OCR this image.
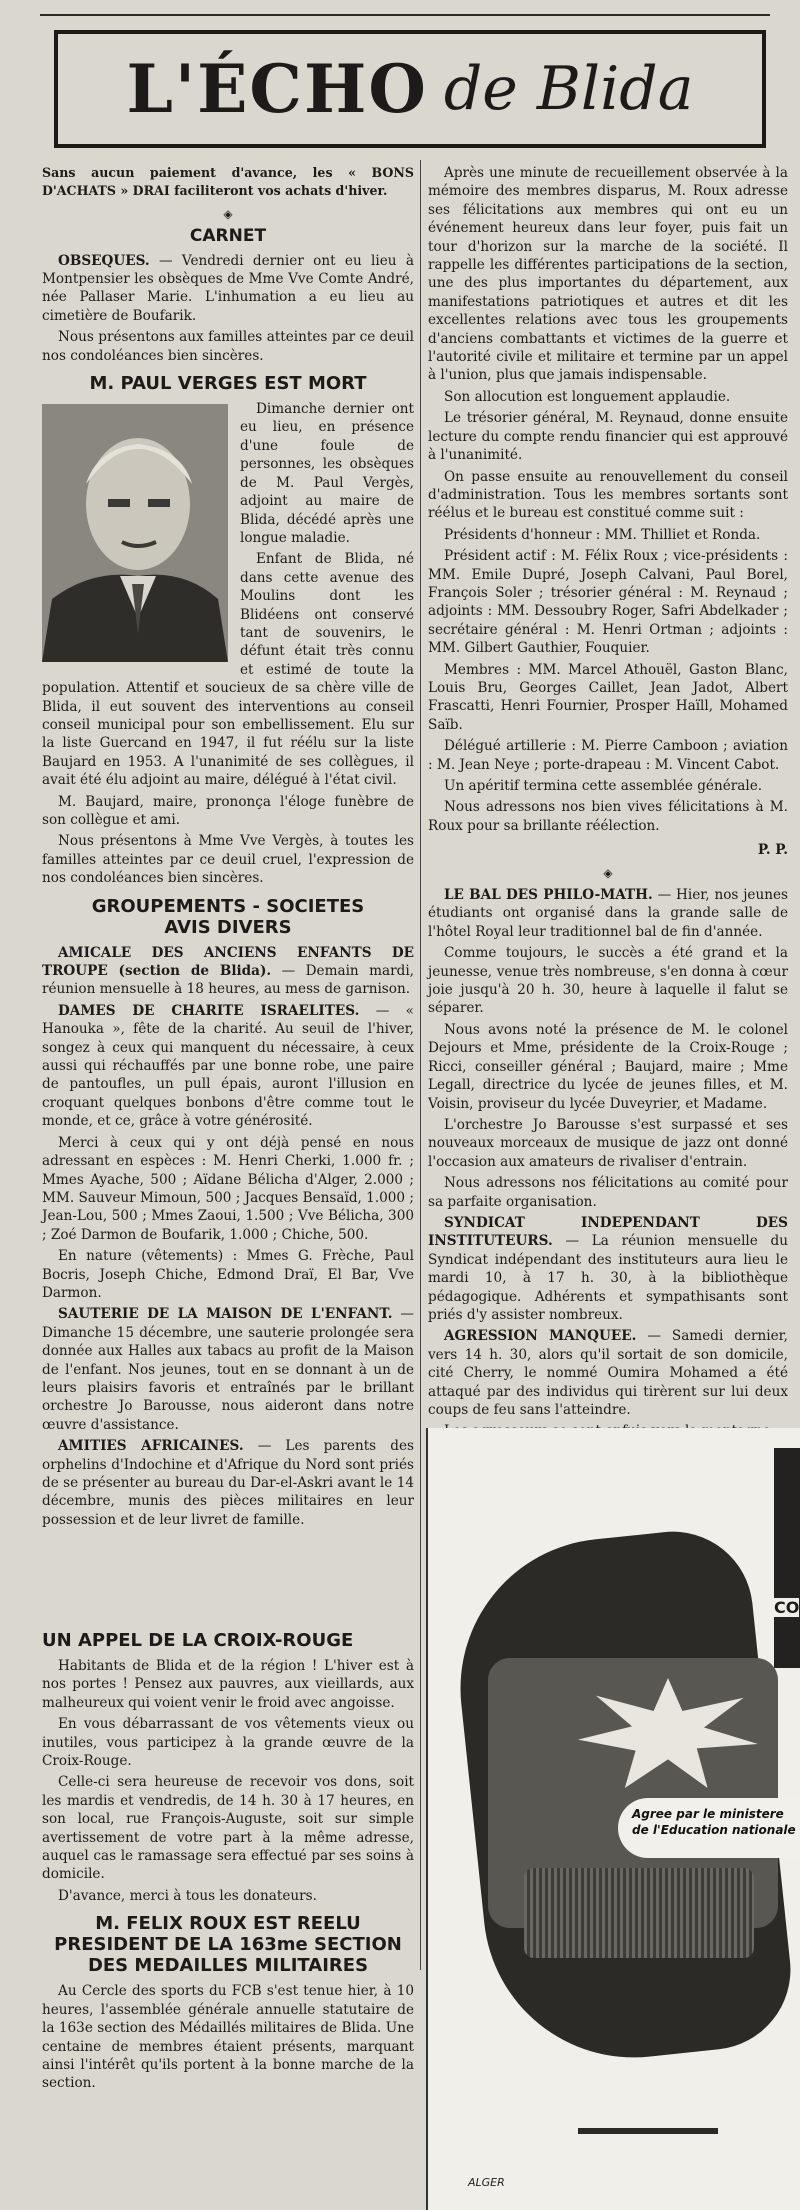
L'ÉCHO de Blida

Sans aucun paiement d'avance, les « BONS D'ACHATS » DRAI faciliteront vos achats d'hiver.

◈
CARNET

OBSEQUES. — Vendredi dernier ont eu lieu à Montpensier les obsèques de Mme Vve Comte André, née Pallaser Marie. L'inhumation a eu lieu au cimetière de Boufarik.

Nous présentons aux familles atteintes par ce deuil nos condoléances bien sincères.

M. PAUL VERGES EST MORT

Dimanche dernier ont eu lieu, en présence d'une foule de personnes, les obsèques de M. Paul Vergès, adjoint au maire de Blida, décédé après une longue maladie.

Enfant de Blida, né dans cette avenue des Moulins dont les Blidéens ont conservé tant de souvenirs, le défunt était très connu et estimé de toute la population. Attentif et soucieux de sa chère ville de Blida, il eut souvent des interventions au conseil conseil municipal pour son embellissement. Elu sur la liste Guercand en 1947, il fut réélu sur la liste Baujard en 1953. A l'unanimité de ses collègues, il avait été élu adjoint au maire, délégué à l'état civil.

M. Baujard, maire, prononça l'éloge funèbre de son collègue et ami.

Nous présentons à Mme Vve Vergès, à toutes les familles atteintes par ce deuil cruel, l'expression de nos condoléances bien sincères.

GROUPEMENTS - SOCIETES
AVIS DIVERS

AMICALE DES ANCIENS ENFANTS DE TROUPE (section de Blida). — Demain mardi, réunion mensuelle à 18 heures, au mess de garnison.

DAMES DE CHARITE ISRAELITES. — « Hanouka », fête de la charité. Au seuil de l'hiver, songez à ceux qui manquent du nécessaire, à ceux aussi qui réchauffés par une bonne robe, une paire de pantoufles, un pull épais, auront l'illusion en croquant quelques bonbons d'être comme tout le monde, et ce, grâce à votre générosité.

Merci à ceux qui y ont déjà pensé en nous adressant en espèces : M. Henri Cherki, 1.000 fr. ; Mmes Ayache, 500 ; Aïdane Bélicha d'Alger, 2.000 ; MM. Sauveur Mimoun, 500 ; Jacques Bensaïd, 1.000 ; Jean-Lou, 500 ; Mmes Zaoui, 1.500 ; Vve Bélicha, 300 ; Zoé Darmon de Boufarik, 1.000 ; Chiche, 500.

En nature (vêtements) : Mmes G. Frèche, Paul Bocris, Joseph Chiche, Edmond Draï, El Bar, Vve Darmon.

SAUTERIE DE LA MAISON DE L'ENFANT. — Dimanche 15 décembre, une sauterie prolongée sera donnée aux Halles aux tabacs au profit de la Maison de l'enfant. Nos jeunes, tout en se donnant à un de leurs plaisirs favoris et entraînés par le brillant orchestre Jo Barousse, nous aideront dans notre œuvre d'assistance.

AMITIES AFRICAINES. — Les parents des orphelins d'Indochine et d'Afrique du Nord sont priés de se présenter au bureau du Dar-el-Askri avant le 14 décembre, munis des pièces militaires en leur possession et de leur livret de famille.

UN APPEL DE LA CROIX-ROUGE

Habitants de Blida et de la région ! L'hiver est à nos portes ! Pensez aux pauvres, aux vieillards, aux malheureux qui voient venir le froid avec angoisse.

En vous débarrassant de vos vêtements vieux ou inutiles, vous participez à la grande œuvre de la Croix-Rouge.

Celle-ci sera heureuse de recevoir vos dons, soit les mardis et vendredis, de 14 h. 30 à 17 heures, en son local, rue François-Auguste, soit sur simple avertissement de votre part à la même adresse, auquel cas le ramassage sera effectué par ses soins à domicile.

D'avance, merci à tous les donateurs.

M. FELIX ROUX EST REELU PRESIDENT DE LA 163me SECTION DES MEDAILLES MILITAIRES

Au Cercle des sports du FCB s'est tenue hier, à 10 heures, l'assemblée générale annuelle statutaire de la 163e section des Médaillés militaires de Blida. Une centaine de membres étaient présents, marquant ainsi l'intérêt qu'ils portent à la bonne marche de la section.

Après une minute de recueillement observée à la mémoire des membres disparus, M. Roux adresse ses félicitations aux membres qui ont eu un événement heureux dans leur foyer, puis fait un tour d'horizon sur la marche de la société. Il rappelle les différentes participations de la section, une des plus importantes du département, aux manifestations patriotiques et autres et dit les excellentes relations avec tous les groupements d'anciens combattants et victimes de la guerre et l'autorité civile et militaire et termine par un appel à l'union, plus que jamais indispensable.

Son allocution est longuement applaudie.

Le trésorier général, M. Reynaud, donne ensuite lecture du compte rendu financier qui est approuvé à l'unanimité.

On passe ensuite au renouvellement du conseil d'administration. Tous les membres sortants sont réélus et le bureau est constitué comme suit :

Présidents d'honneur : MM. Thilliet et Ronda.

Président actif : M. Félix Roux ; vice-présidents : MM. Emile Dupré, Joseph Calvani, Paul Borel, François Soler ; trésorier général : M. Reynaud ; adjoints : MM. Dessoubry Roger, Safri Abdelkader ; secrétaire général : M. Henri Ortman ; adjoints : MM. Gilbert Gauthier, Fouquier.

Membres : MM. Marcel Athouël, Gaston Blanc, Louis Bru, Georges Caillet, Jean Jadot, Albert Frascatti, Henri Fournier, Prosper Haïll, Mohamed Saïb.

Délégué artillerie : M. Pierre Camboon ; aviation : M. Jean Neye ; porte-drapeau : M. Vincent Cabot.

Un apéritif termina cette assemblée générale.

Nous adressons nos bien vives félicitations à M. Roux pour sa brillante réélection.

P. P.
◈

LE BAL DES PHILO-MATH. — Hier, nos jeunes étudiants ont organisé dans la grande salle de l'hôtel Royal leur traditionnel bal de fin d'année.

Comme toujours, le succès a été grand et la jeunesse, venue très nombreuse, s'en donna à cœur joie jusqu'à 20 h. 30, heure à laquelle il falut se séparer.

Nous avons noté la présence de M. le colonel Dejours et Mme, présidente de la Croix-Rouge ; Ricci, conseiller général ; Baujard, maire ; Mme Legall, directrice du lycée de jeunes filles, et M. Voisin, proviseur du lycée Duveyrier, et Madame.

L'orchestre Jo Barousse s'est surpassé et ses nouveaux morceaux de musique de jazz ont donné l'occasion aux amateurs de rivaliser d'entrain.

Nous adressons nos félicitations au comité pour sa parfaite organisation.

SYNDICAT INDEPENDANT DES INSTITUTEURS. — La réunion mensuelle du Syndicat indépendant des instituteurs aura lieu le mardi 10, à 17 h. 30, à la bibliothèque pédagogique. Adhérents et sympathisants sont priés d'y assister nombreux.

AGRESSION MANQUEE. — Samedi dernier, vers 14 h. 30, alors qu'il sortait de son domicile, cité Cherry, le nommé Oumira Mohamed a été attaqué par des individus qui tirèrent sur lui deux coups de feu sans l'atteindre.

CO
Agree par le ministere de l'Education nationale
ALGER
